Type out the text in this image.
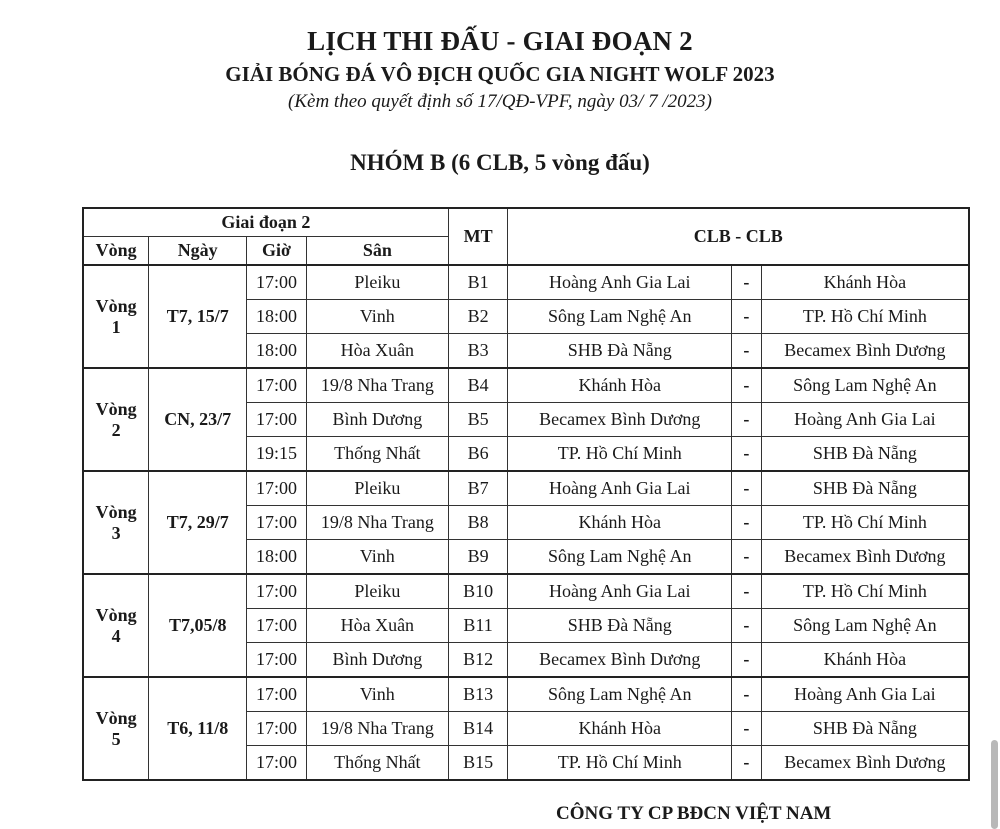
LỊCH THI ĐẤU - GIAI ĐOẠN 2
GIẢI BÓNG ĐÁ VÔ ĐỊCH QUỐC GIA NIGHT WOLF 2023
(Kèm theo quyết định số 17/QĐ-VPF, ngày 03/ 7 /2023)
NHÓM B (6 CLB, 5 vòng đấu)
Giai đoạn 2				MT	CLB - CLB		
Vòng	Ngày	Giờ	Sân				
Vòng
1	T7, 15/7	17:00	Pleiku	B1	Hoàng Anh Gia Lai	-	Khánh Hòa
		18:00	Vinh	B2	Sông Lam Nghệ An	-	TP. Hồ Chí Minh
		18:00	Hòa Xuân	B3	SHB Đà Nẵng	-	Becamex Bình Dương
Vòng
2	CN, 23/7	17:00	19/8 Nha Trang	B4	Khánh Hòa	-	Sông Lam Nghệ An
		17:00	Bình Dương	B5	Becamex Bình Dương	-	Hoàng Anh Gia Lai
		19:15	Thống Nhất	B6	TP. Hồ Chí Minh	-	SHB Đà Nẵng
Vòng
3	T7, 29/7	17:00	Pleiku	B7	Hoàng Anh Gia Lai	-	SHB Đà Nẵng
		17:00	19/8 Nha Trang	B8	Khánh Hòa	-	TP. Hồ Chí Minh
		18:00	Vinh	B9	Sông Lam Nghệ An	-	Becamex Bình Dương
Vòng
4	T7,05/8	17:00	Pleiku	B10	Hoàng Anh Gia Lai	-	TP. Hồ Chí Minh
		17:00	Hòa Xuân	B11	SHB Đà Nẵng	-	Sông Lam Nghệ An
		17:00	Bình Dương	B12	Becamex Bình Dương	-	Khánh Hòa
Vòng
5	T6, 11/8	17:00	Vinh	B13	Sông Lam Nghệ An	-	Hoàng Anh Gia Lai
		17:00	19/8 Nha Trang	B14	Khánh Hòa	-	SHB Đà Nẵng
		17:00	Thống Nhất	B15	TP. Hồ Chí Minh	-	Becamex Bình Dương
CÔNG TY CP BĐCN VIỆT NAM
